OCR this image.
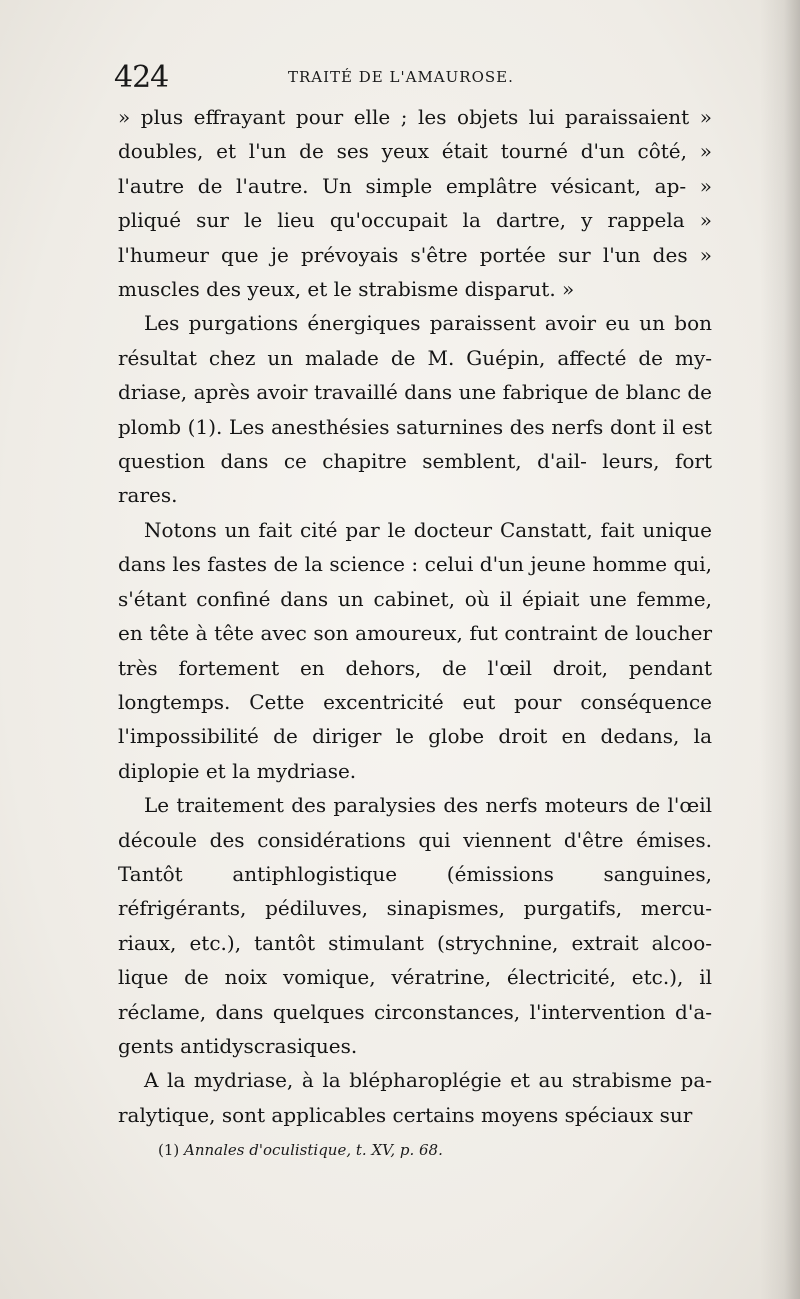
424	TRAITÉ DE L'AMAUROSE.

» plus effrayant pour elle ; les objets lui paraissaient » doubles, et l'un de ses yeux était tourné d'un côté, » l'autre de l'autre. Un simple emplâtre vésicant, ap- » pliqué sur le lieu qu'occupait la dartre, y rappela » l'humeur que je prévoyais s'être portée sur l'un des » muscles des yeux, et le strabisme disparut. »

Les purgations énergiques paraissent avoir eu un bon résultat chez un malade de M. Guépin, affecté de my- driase, après avoir travaillé dans une fabrique de blanc de plomb (1). Les anesthésies saturnines des nerfs dont il est question dans ce chapitre semblent, d'ail- leurs, fort rares.

Notons un fait cité par le docteur Canstatt, fait unique dans les fastes de la science : celui d'un jeune homme qui, s'étant confiné dans un cabinet, où il épiait une femme, en tête à tête avec son amoureux, fut contraint de loucher très fortement en dehors, de l'œil droit, pendant longtemps. Cette excentricité eut pour conséquence l'impossibilité de diriger le globe droit en dedans, la diplopie et la mydriase.

Le traitement des paralysies des nerfs moteurs de l'œil découle des considérations qui viennent d'être émises. Tantôt antiphlogistique (émissions sanguines, réfrigérants, pédiluves, sinapismes, purgatifs, mercu- riaux, etc.), tantôt stimulant (strychnine, extrait alcoo- lique de noix vomique, vératrine, électricité, etc.), il réclame, dans quelques circonstances, l'intervention d'a- gents antidyscrasiques.

A la mydriase, à la blépharoplégie et au strabisme pa- ralytique, sont applicables certains moyens spéciaux sur

(1) Annales d'oculistique, t. XV, p. 68.
